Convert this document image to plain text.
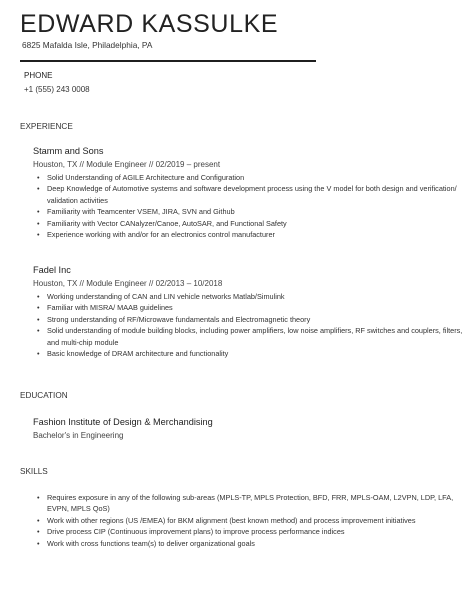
EDWARD KASSULKE
6825 Mafalda Isle, Philadelphia, PA
PHONE
+1 (555) 243 0008
EXPERIENCE
Stamm and Sons
Houston, TX // Module Engineer // 02/2019 – present
• Solid Understanding of AGILE Architecture and Configuration
• Deep Knowledge of Automotive systems and software development process using the V model for both design and verification/ validation activities
• Familiarity with Teamcenter VSEM, JIRA, SVN and Github
• Familiarity with Vector CANalyzer/Canoe, AutoSAR, and Functional Safety
• Experience working with and/or for an electronics control manufacturer
Fadel Inc
Houston, TX // Module Engineer // 02/2013 – 10/2018
• Working understanding of CAN and LIN vehicle networks Matlab/Simulink
• Familiar with MISRA/ MAAB guidelines
• Strong understanding of RF/Microwave fundamentals and Electromagnetic theory
• Solid understanding of module building blocks, including power amplifiers, low noise amplifiers, RF switches and couplers, filters, and multi-chip module
• Basic knowledge of DRAM architecture and functionality
EDUCATION
Fashion Institute of Design & Merchandising
Bachelor's in Engineering
SKILLS
• Requires exposure in any of the following sub-areas (MPLS-TP, MPLS Protection, BFD, FRR, MPLS-OAM, L2VPN, LDP, LFA, EVPN, MPLS QoS)
• Work with other regions (US /EMEA) for BKM alignment (best known method) and process improvement initiatives
• Drive process CIP (Continuous improvement plans) to improve process performance indices
• Work with cross functions team(s) to deliver organizational goals
